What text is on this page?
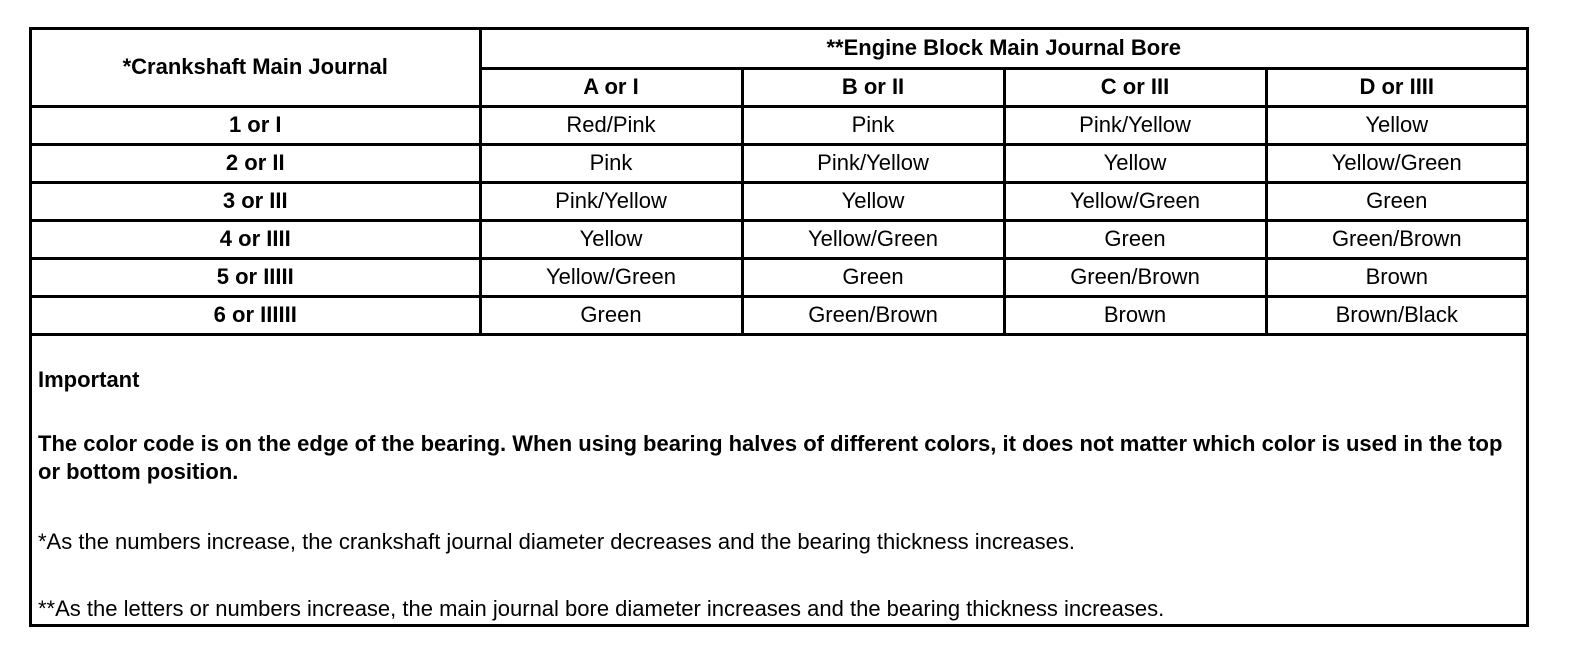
*Crankshaft Main Journal	**Engine Block Main Journal Bore			
	A or I	B or II	C or III	D or IIII
1 or I	Red/Pink	Pink	Pink/Yellow	Yellow
2 or II	Pink	Pink/Yellow	Yellow	Yellow/Green
3 or III	Pink/Yellow	Yellow	Yellow/Green	Green
4 or IIII	Yellow	Yellow/Green	Green	Green/Brown
5 or IIIII	Yellow/Green	Green	Green/Brown	Brown
6 or IIIIII	Green	Green/Brown	Brown	Brown/Black

Important

The color code is on the edge of the bearing. When using bearing halves of different colors, it does not matter which color is used in the top or bottom position.

*As the numbers increase, the crankshaft journal diameter decreases and the bearing thickness increases.

**As the letters or numbers increase, the main journal bore diameter increases and the bearing thickness increases.
